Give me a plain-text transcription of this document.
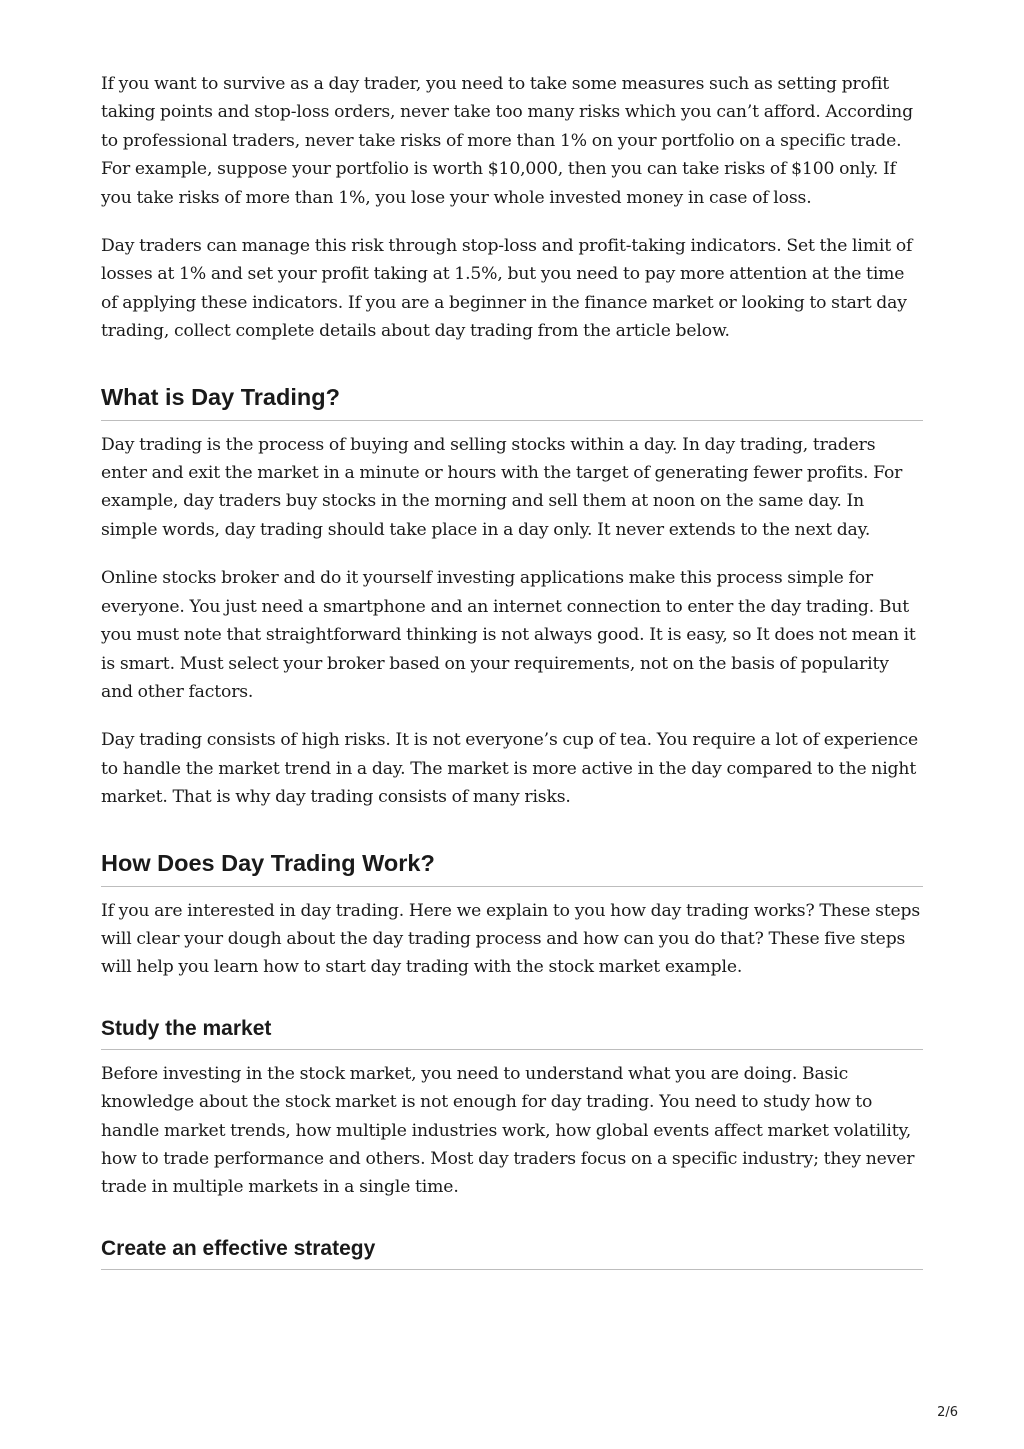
If you want to survive as a day trader, you need to take some measures such as setting profit taking points and stop-loss orders, never take too many risks which you can’t afford. According to professional traders, never take risks of more than 1% on your portfolio on a specific trade. For example, suppose your portfolio is worth $10,000, then you can take risks of $100 only. If you take risks of more than 1%, you lose your whole invested money in case of loss.

Day traders can manage this risk through stop-loss and profit-taking indicators. Set the limit of losses at 1% and set your profit taking at 1.5%, but you need to pay more attention at the time of applying these indicators. If you are a beginner in the finance market or looking to start day trading, collect complete details about day trading from the article below.

What is Day Trading?

Day trading is the process of buying and selling stocks within a day. In day trading, traders enter and exit the market in a minute or hours with the target of generating fewer profits. For example, day traders buy stocks in the morning and sell them at noon on the same day. In simple words, day trading should take place in a day only. It never extends to the next day.

Online stocks broker and do it yourself investing applications make this process simple for everyone. You just need a smartphone and an internet connection to enter the day trading. But you must note that straightforward thinking is not always good. It is easy, so It does not mean it is smart. Must select your broker based on your requirements, not on the basis of popularity and other factors.

Day trading consists of high risks. It is not everyone’s cup of tea. You require a lot of experience to handle the market trend in a day. The market is more active in the day compared to the night market. That is why day trading consists of many risks.

How Does Day Trading Work?

If you are interested in day trading. Here we explain to you how day trading works? These steps will clear your dough about the day trading process and how can you do that? These five steps will help you learn how to start day trading with the stock market example.

Study the market

Before investing in the stock market, you need to understand what you are doing. Basic knowledge about the stock market is not enough for day trading. You need to study how to handle market trends, how multiple industries work, how global events affect market volatility, how to trade performance and others. Most day traders focus on a specific industry; they never trade in multiple markets in a single time.

Create an effective strategy
2/6
